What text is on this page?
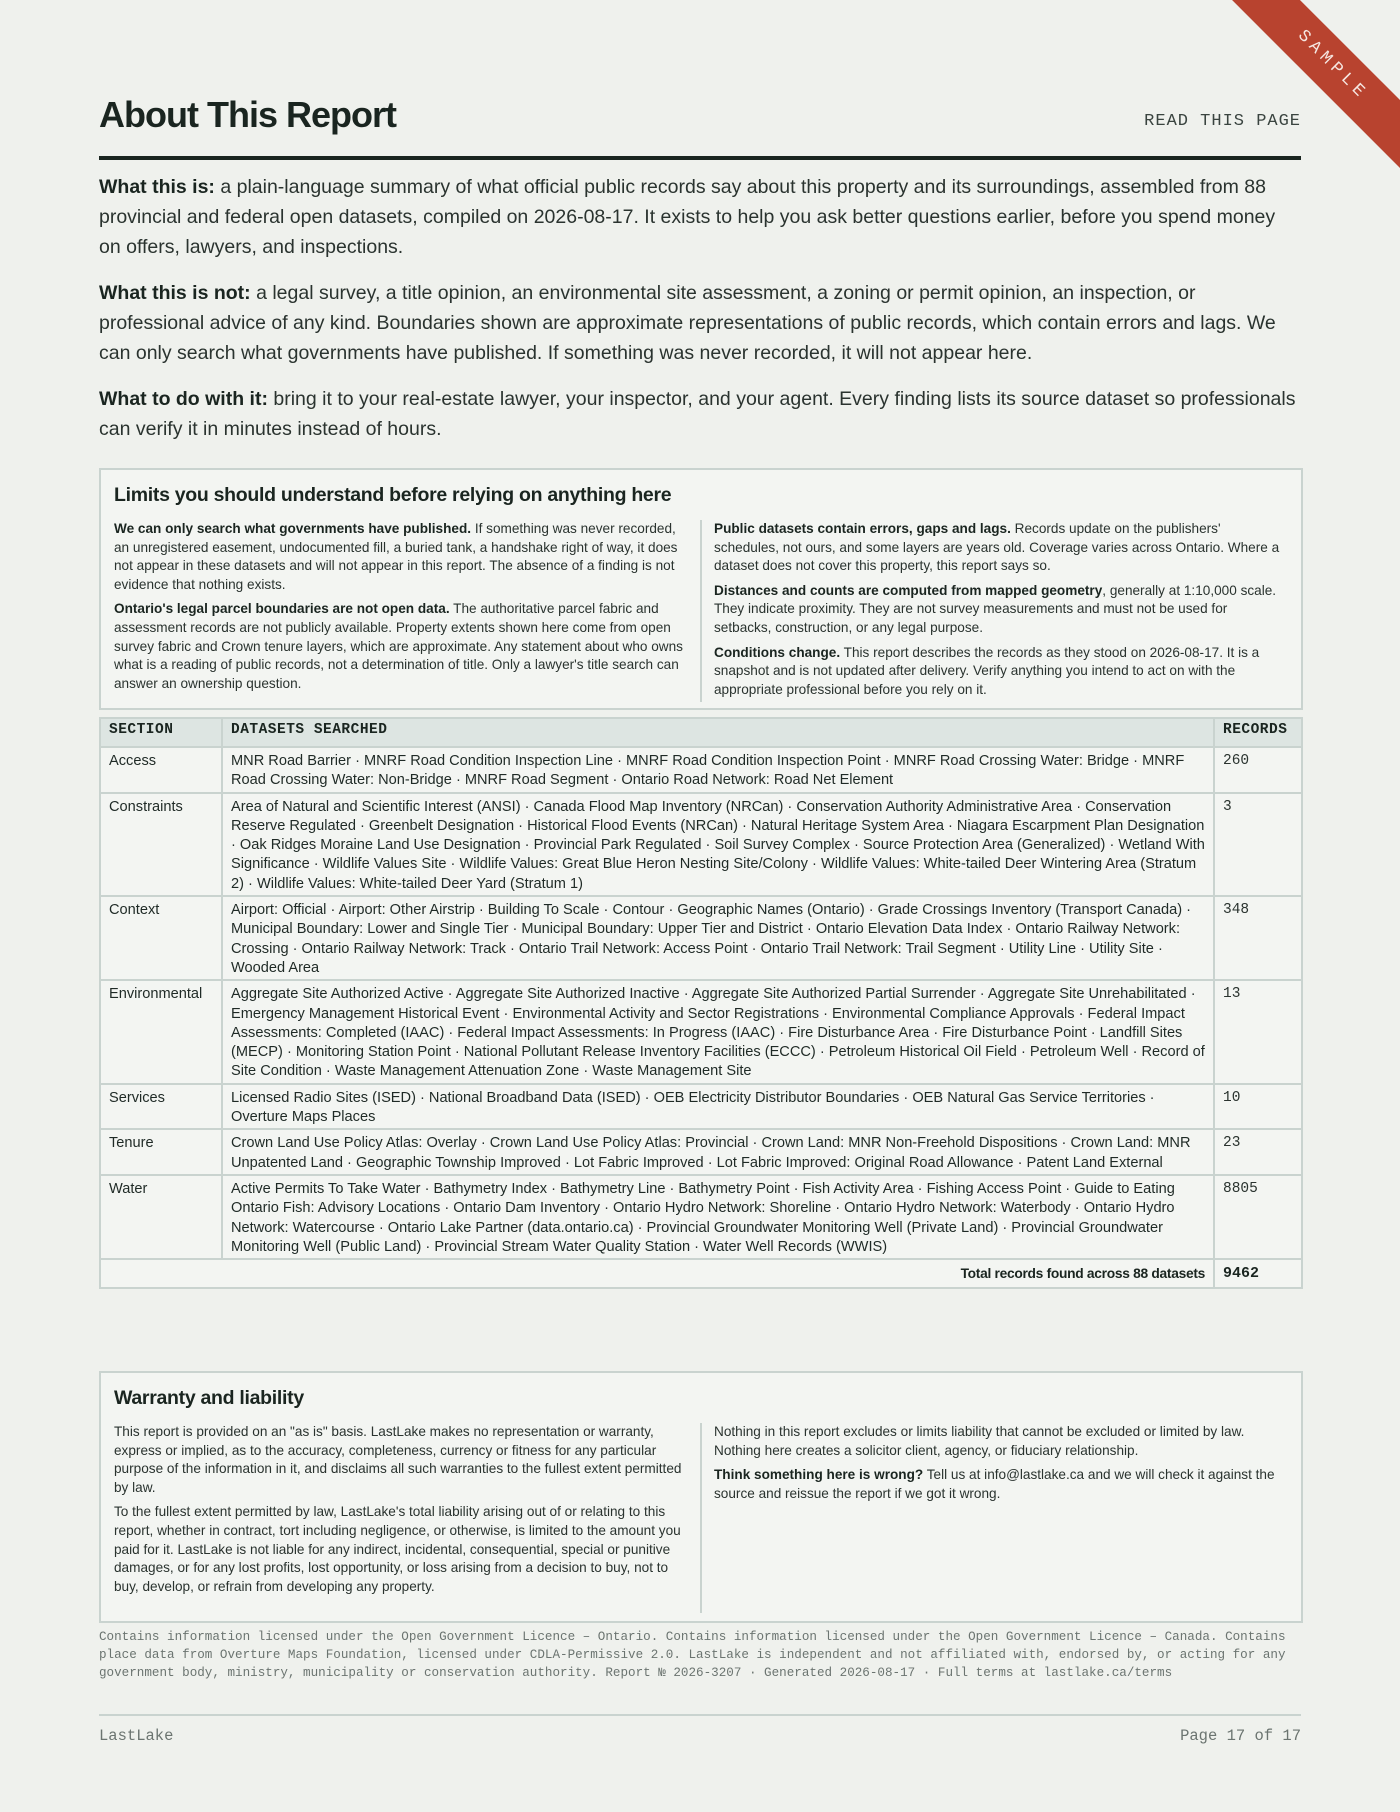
SAMPLE
About This Report	READ THIS PAGE

What this is: a plain-language summary of what official public records say about this property and its surroundings, assembled from 88 provincial and federal open datasets, compiled on 2026-08-17. It exists to help you ask better questions earlier, before you spend money on offers, lawyers, and inspections.

What this is not: a legal survey, a title opinion, an environmental site assessment, a zoning or permit opinion, an inspection, or professional advice of any kind. Boundaries shown are approximate representations of public records, which contain errors and lags. We can only search what governments have published. If something was never recorded, it will not appear here.

What to do with it: bring it to your real-estate lawyer, your inspector, and your agent. Every finding lists its source dataset so professionals can verify it in minutes instead of hours.

Limits you should understand before relying on anything here

We can only search what governments have published. If something was never recorded, an unregistered easement, undocumented fill, a buried tank, a handshake right of way, it does not appear in these datasets and will not appear in this report. The absence of a finding is not evidence that nothing exists.

Ontario's legal parcel boundaries are not open data. The authoritative parcel fabric and assessment records are not publicly available. Property extents shown here come from open survey fabric and Crown tenure layers, which are approximate. Any statement about who owns what is a reading of public records, not a determination of title. Only a lawyer's title search can answer an ownership question.

Public datasets contain errors, gaps and lags. Records update on the publishers' schedules, not ours, and some layers are years old. Coverage varies across Ontario. Where a dataset does not cover this property, this report says so.

Distances and counts are computed from mapped geometry, generally at 1:10,000 scale. They indicate proximity. They are not survey measurements and must not be used for setbacks, construction, or any legal purpose.

Conditions change. This report describes the records as they stood on 2026-08-17. It is a snapshot and is not updated after delivery. Verify anything you intend to act on with the appropriate professional before you rely on it.

SECTION	DATASETS SEARCHED	RECORDS
Access	MNR Road Barrier · MNRF Road Condition Inspection Line · MNRF Road Condition Inspection Point · MNRF Road Crossing Water: Bridge · MNRF Road Crossing Water: Non-Bridge · MNRF Road Segment · Ontario Road Network: Road Net Element	260
Constraints	Area of Natural and Scientific Interest (ANSI) · Canada Flood Map Inventory (NRCan) · Conservation Authority Administrative Area · Conservation Reserve Regulated · Greenbelt Designation · Historical Flood Events (NRCan) · Natural Heritage System Area · Niagara Escarpment Plan Designation · Oak Ridges Moraine Land Use Designation · Provincial Park Regulated · Soil Survey Complex · Source Protection Area (Generalized) · Wetland With Significance · Wildlife Values Site · Wildlife Values: Great Blue Heron Nesting Site/Colony · Wildlife Values: White-tailed Deer Wintering Area (Stratum 2) · Wildlife Values: White-tailed Deer Yard (Stratum 1)	3
Context	Airport: Official · Airport: Other Airstrip · Building To Scale · Contour · Geographic Names (Ontario) · Grade Crossings Inventory (Transport Canada) · Municipal Boundary: Lower and Single Tier · Municipal Boundary: Upper Tier and District · Ontario Elevation Data Index · Ontario Railway Network: Crossing · Ontario Railway Network: Track · Ontario Trail Network: Access Point · Ontario Trail Network: Trail Segment · Utility Line · Utility Site · Wooded Area	348
Environmental	Aggregate Site Authorized Active · Aggregate Site Authorized Inactive · Aggregate Site Authorized Partial Surrender · Aggregate Site Unrehabilitated · Emergency Management Historical Event · Environmental Activity and Sector Registrations · Environmental Compliance Approvals · Federal Impact Assessments: Completed (IAAC) · Federal Impact Assessments: In Progress (IAAC) · Fire Disturbance Area · Fire Disturbance Point · Landfill Sites (MECP) · Monitoring Station Point · National Pollutant Release Inventory Facilities (ECCC) · Petroleum Historical Oil Field · Petroleum Well · Record of Site Condition · Waste Management Attenuation Zone · Waste Management Site	13
Services	Licensed Radio Sites (ISED) · National Broadband Data (ISED) · OEB Electricity Distributor Boundaries · OEB Natural Gas Service Territories · Overture Maps Places	10
Tenure	Crown Land Use Policy Atlas: Overlay · Crown Land Use Policy Atlas: Provincial · Crown Land: MNR Non-Freehold Dispositions · Crown Land: MNR Unpatented Land · Geographic Township Improved · Lot Fabric Improved · Lot Fabric Improved: Original Road Allowance · Patent Land External	23
Water	Active Permits To Take Water · Bathymetry Index · Bathymetry Line · Bathymetry Point · Fish Activity Area · Fishing Access Point · Guide to Eating Ontario Fish: Advisory Locations · Ontario Dam Inventory · Ontario Hydro Network: Shoreline · Ontario Hydro Network: Waterbody · Ontario Hydro Network: Watercourse · Ontario Lake Partner (data.ontario.ca) · Provincial Groundwater Monitoring Well (Private Land) · Provincial Groundwater Monitoring Well (Public Land) · Provincial Stream Water Quality Station · Water Well Records (WWIS)	8805
Total records found across 88 datasets		9462
Warranty and liability

This report is provided on an "as is" basis. LastLake makes no representation or warranty, express or implied, as to the accuracy, completeness, currency or fitness for any particular purpose of the information in it, and disclaims all such warranties to the fullest extent permitted by law.

To the fullest extent permitted by law, LastLake's total liability arising out of or relating to this report, whether in contract, tort including negligence, or otherwise, is limited to the amount you paid for it. LastLake is not liable for any indirect, incidental, consequential, special or punitive damages, or for any lost profits, lost opportunity, or loss arising from a decision to buy, not to buy, develop, or refrain from developing any property.

Nothing in this report excludes or limits liability that cannot be excluded or limited by law. Nothing here creates a solicitor client, agency, or fiduciary relationship.

Think something here is wrong? Tell us at info@lastlake.ca and we will check it against the source and reissue the report if we got it wrong.

Contains information licensed under the Open Government Licence – Ontario. Contains information licensed under the Open Government Licence – Canada. Contains place data from Overture Maps Foundation, licensed under CDLA-Permissive 2.0. LastLake is independent and not affiliated with, endorsed by, or acting for any government body, ministry, municipality or conservation authority. Report № 2026-3207 · Generated 2026-08-17 · Full terms at lastlake.ca/terms

LastLake	Page 17 of 17
